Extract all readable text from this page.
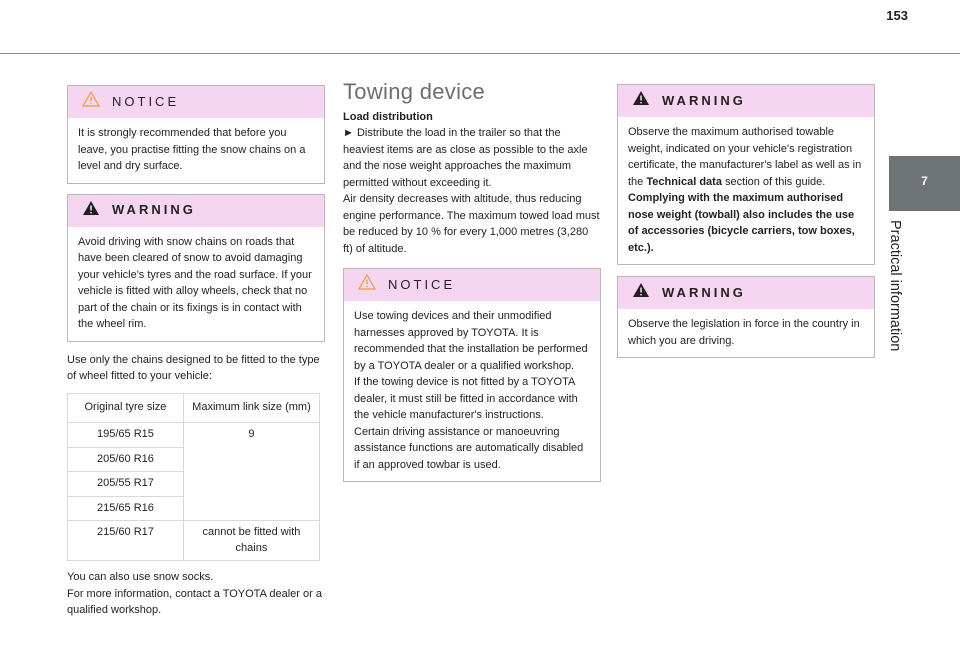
153
7
Practical information
NOTICE

It is strongly recommended that before you leave, you practise fitting the snow chains on a level and dry surface.

WARNING

Avoid driving with snow chains on roads that have been cleared of snow to avoid damaging your vehicle's tyres and the road surface. If your vehicle is fitted with alloy wheels, check that no part of the chain or its fixings is in contact with the wheel rim.

Use only the chains designed to be fitted to the type of wheel fitted to your vehicle:

Original tyre size	Maximum link size (mm)
195/65 R15	9
205/60 R16	
205/55 R17	
215/65 R16	
215/60 R17	cannot be fitted with chains

You can also use snow socks.

For more information, contact a TOYOTA dealer or a qualified workshop.

Towing device

Load distribution

► Distribute the load in the trailer so that the heaviest items are as close as possible to the axle and the nose weight approaches the maximum permitted without exceeding it.

Air density decreases with altitude, thus reducing engine performance. The maximum towed load must be reduced by 10 % for every 1,000 metres (3,280 ft) of altitude.

NOTICE

Use towing devices and their unmodified harnesses approved by TOYOTA. It is recommended that the installation be performed by a TOYOTA dealer or a qualified workshop.

If the towing device is not fitted by a TOYOTA dealer, it must still be fitted in accordance with the vehicle manufacturer's instructions.

Certain driving assistance or manoeuvring assistance functions are automatically disabled if an approved towbar is used.

WARNING

Observe the maximum authorised towable weight, indicated on your vehicle's registration certificate, the manufacturer's label as well as in the Technical data section of this guide.

Complying with the maximum authorised nose weight (towball) also includes the use of accessories (bicycle carriers, tow boxes, etc.).

WARNING

Observe the legislation in force in the country in which you are driving.
